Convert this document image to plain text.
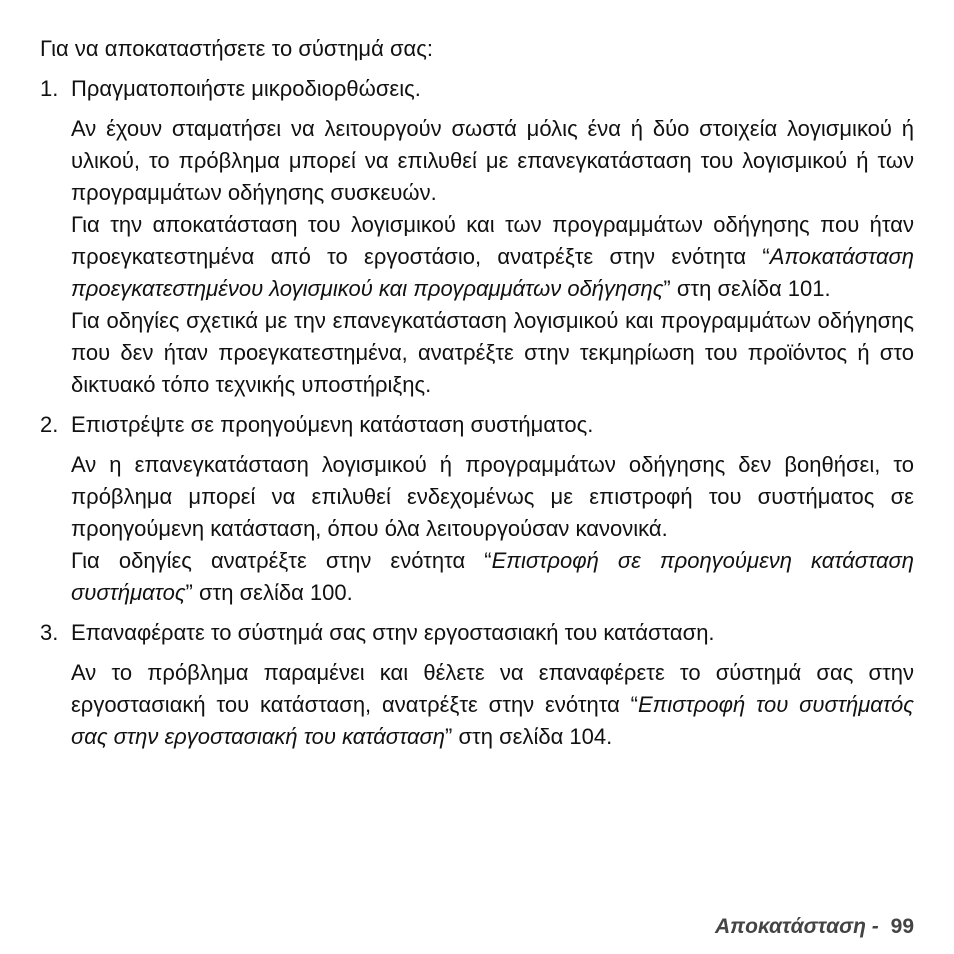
Για να αποκαταστήσετε το σύστημά σας:

1. Πραγματοποιήστε μικροδιορθώσεις.

Αν έχουν σταματήσει να λειτουργούν σωστά μόλις ένα ή δύο στοιχεία λογισμικού ή υλικού, το πρόβλημα μπορεί να επιλυθεί με επανεγκατάσταση του λογισμικού ή των προγραμμάτων οδήγησης συσκευών.

Για την αποκατάσταση του λογισμικού και των προγραμμάτων οδήγησης που ήταν προεγκατεστημένα από το εργοστάσιο, ανατρέξτε στην ενότητα “Αποκατάσταση προεγκατεστημένου λογισμικού και προγραμμάτων οδήγησης” στη σελίδα 101.

Για οδηγίες σχετικά με την επανεγκατάσταση λογισμικού και προγραμμάτων οδήγησης που δεν ήταν προεγκατεστημένα, ανατρέξτε στην τεκμηρίωση του προϊόντος ή στο δικτυακό τόπο τεχνικής υποστήριξης.

2. Επιστρέψτε σε προηγούμενη κατάσταση συστήματος.

Αν η επανεγκατάσταση λογισμικού ή προγραμμάτων οδήγησης δεν βοηθήσει, το πρόβλημα μπορεί να επιλυθεί ενδεχομένως με επιστροφή του συστήματος σε προηγούμενη κατάσταση, όπου όλα λειτουργούσαν κανονικά.

Για οδηγίες ανατρέξτε στην ενότητα “Επιστροφή σε προηγούμενη κατάσταση συστήματος” στη σελίδα 100.

3. Επαναφέρατε το σύστημά σας στην εργοστασιακή του κατάσταση.

Αν το πρόβλημα παραμένει και θέλετε να επαναφέρετε το σύστημά σας στην εργοστασιακή του κατάσταση, ανατρέξτε στην ενότητα “Επιστροφή του συστήματός σας στην εργοστασιακή του κατάσταση” στη σελίδα 104.

Αποκατάσταση - 99
